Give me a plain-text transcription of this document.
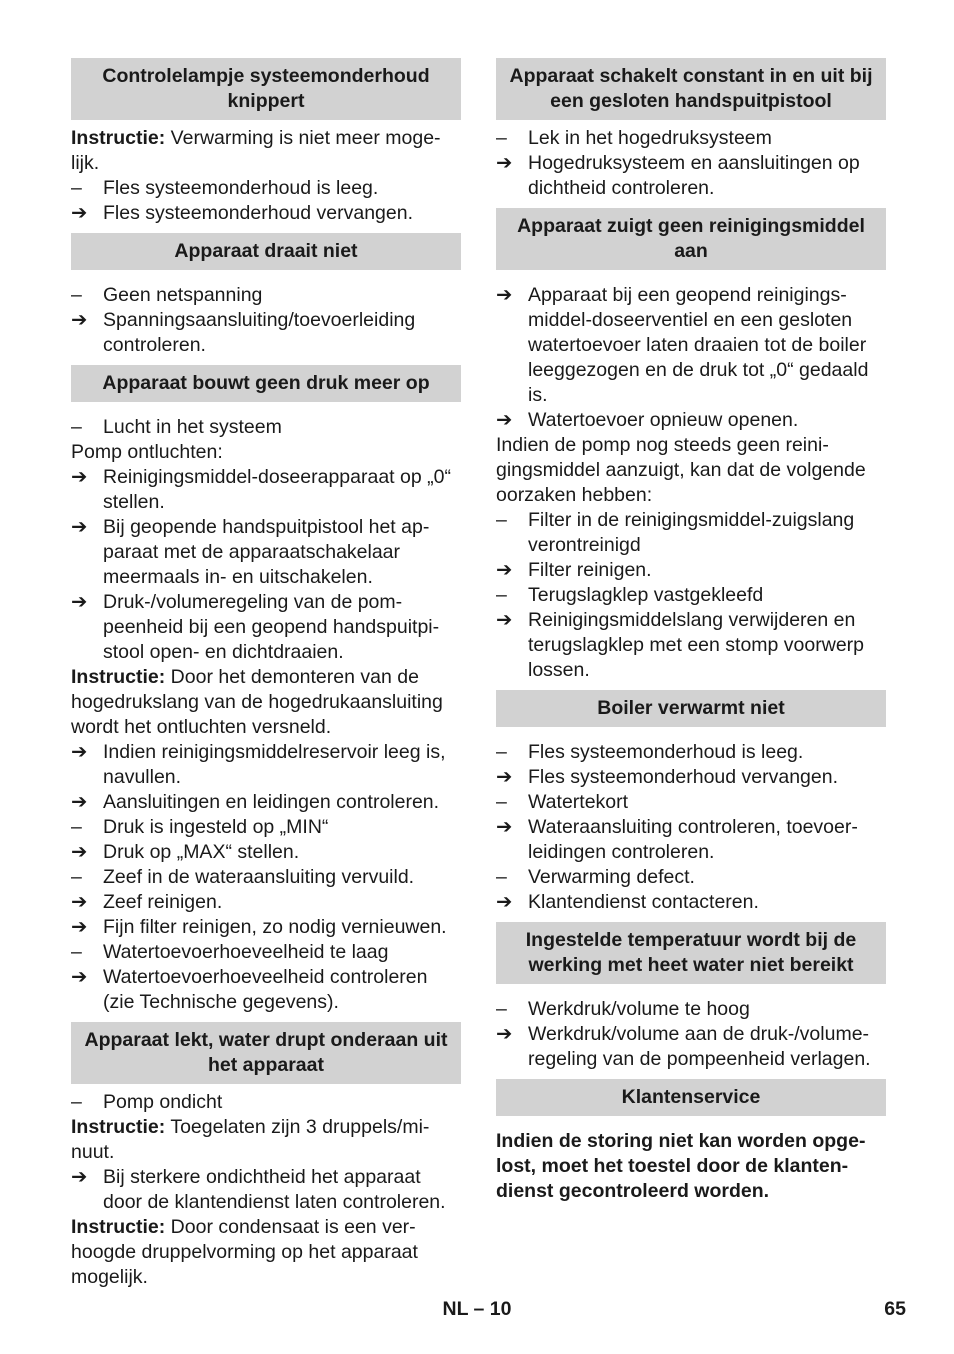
Controlelampje systeemonderhoud knippert
Instructie: Verwarming is niet meer moge-lijk.
–	Fles systeemonderhoud is leeg.
➔ Fles systeemonderhoud vervangen.
Apparaat draait niet
–	Geen netspanning
➔ Spanningsaansluiting/toevoerleiding controleren.
Apparaat bouwt geen druk meer op
–	Lucht in het systeem
Pomp ontluchten:
➔ Reinigingsmiddel-doseerapparaat op „0“ stellen.
➔ Bij geopende handspuitpistool het ap-paraat met de apparaatschakelaar meermaals in- en uitschakelen.
➔ Druk-/volumeregeling van de pom-peenheid bij een geopend handspuitpi-stool open- en dichtdraaien.
Instructie: Door het demonteren van de hogedrukslang van de hogedrukaansluiting wordt het ontluchten versneld.
➔ Indien reinigingsmiddelreservoir leeg is, navullen.
➔ Aansluitingen en leidingen controleren.
–	Druk is ingesteld op „MIN“
➔ Druk op „MAX“ stellen.
–	Zeef in de wateraansluiting vervuild.
➔ Zeef reinigen.
➔ Fijn filter reinigen, zo nodig vernieuwen.
–	Watertoevoerhoeveelheid te laag
➔ Watertoevoerhoeveelheid controleren (zie Technische gegevens).
Apparaat lekt, water drupt onderaan uit het apparaat
–	Pomp ondicht
Instructie: Toegelaten zijn 3 druppels/mi-nuut.
➔ Bij sterkere ondichtheid het apparaat door de klantendienst laten controleren.
Instructie: Door condensaat is een ver-hoogde druppelvorming op het apparaat mogelijk.
Apparaat schakelt constant in en uit bij een gesloten handspuitpistool
–	Lek in het hogedruksysteem
➔ Hogedruksysteem en aansluitingen op dichtheid controleren.
Apparaat zuigt geen reinigingsmiddel aan
➔ Apparaat bij een geopend reinigings-middel-doseerventiel en een gesloten watertoevoer laten draaien tot de boiler leeggezogen en de druk tot „0“ gedaald is.
➔ Watertoevoer opnieuw openen.
Indien de pomp nog steeds geen reini-gingsmiddel aanzuigt, kan dat de volgende oorzaken hebben:
–	Filter in de reinigingsmiddel-zuigslang verontreinigd
➔ Filter reinigen.
–	Terugslagklep vastgekleefd
➔ Reinigingsmiddelslang verwijderen en terugslagklep met een stomp voorwerp lossen.
Boiler verwarmt niet
–	Fles systeemonderhoud is leeg.
➔ Fles systeemonderhoud vervangen.
–	Watertekort
➔ Wateraansluiting controleren, toevoer-leidingen controleren.
–	Verwarming defect.
➔ Klantendienst contacteren.
Ingestelde temperatuur wordt bij de werking met heet water niet bereikt
–	Werkdruk/volume te hoog
➔ Werkdruk/volume aan de druk-/volume-regeling van de pompeenheid verlagen.
Klantenservice
Indien de storing niet kan worden opge-lost, moet het toestel door de klanten-dienst gecontroleerd worden.
NL – 10	65
